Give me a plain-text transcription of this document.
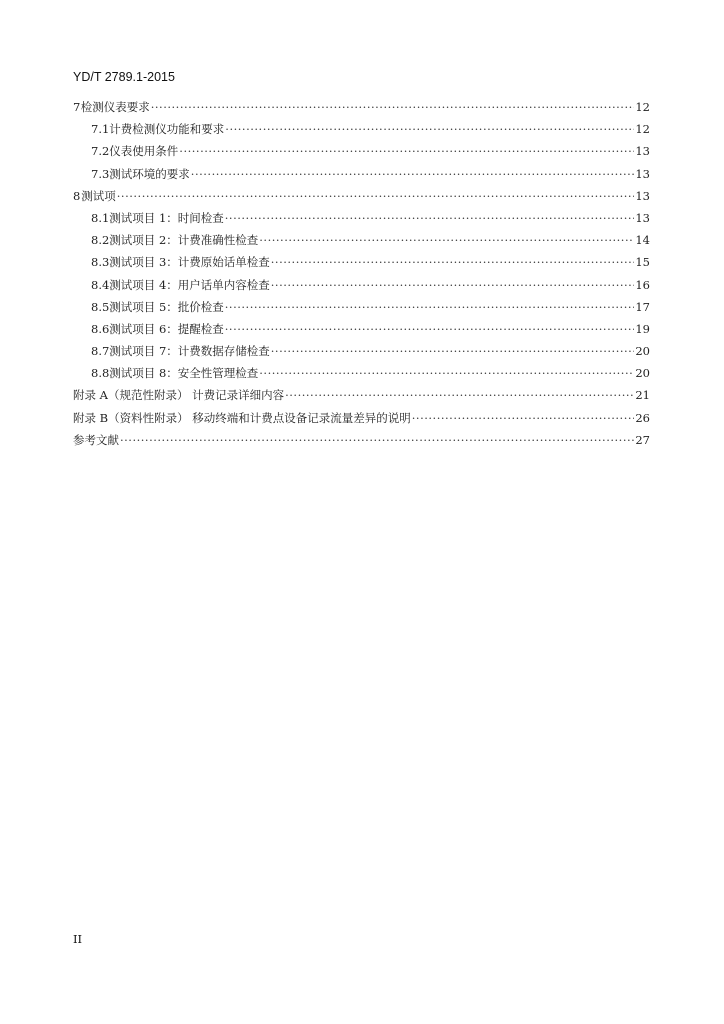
YD/T 2789.1-2015
7 检测仪表要求 ·····	12
7.1 计费检测仪功能和要求 ·····	12
7.2 仪表使用条件 ·····	13
7.3 测试环境的要求 ·····	13
8 测试项 ·····	13
8.1 测试项目 1：时间检查 ·····	13
8.2 测试项目 2：计费准确性检查 ·····	14
8.3 测试项目 3：计费原始话单检查 ·····	15
8.4 测试项目 4：用户话单内容检查 ·····	16
8.5 测试项目 5：批价检查 ·····	17
8.6 测试项目 6：提醒检查 ·····	19
8.7 测试项目 7：计费数据存储检查 ·····	20
8.8 测试项目 8：安全性管理检查 ·····	20
附录 A（规范性附录） 计费记录详细内容 ·····	21
附录 B（资料性附录） 移动终端和计费点设备记录流量差异的说明 ·····	26
参考文献 ·····	27
II
